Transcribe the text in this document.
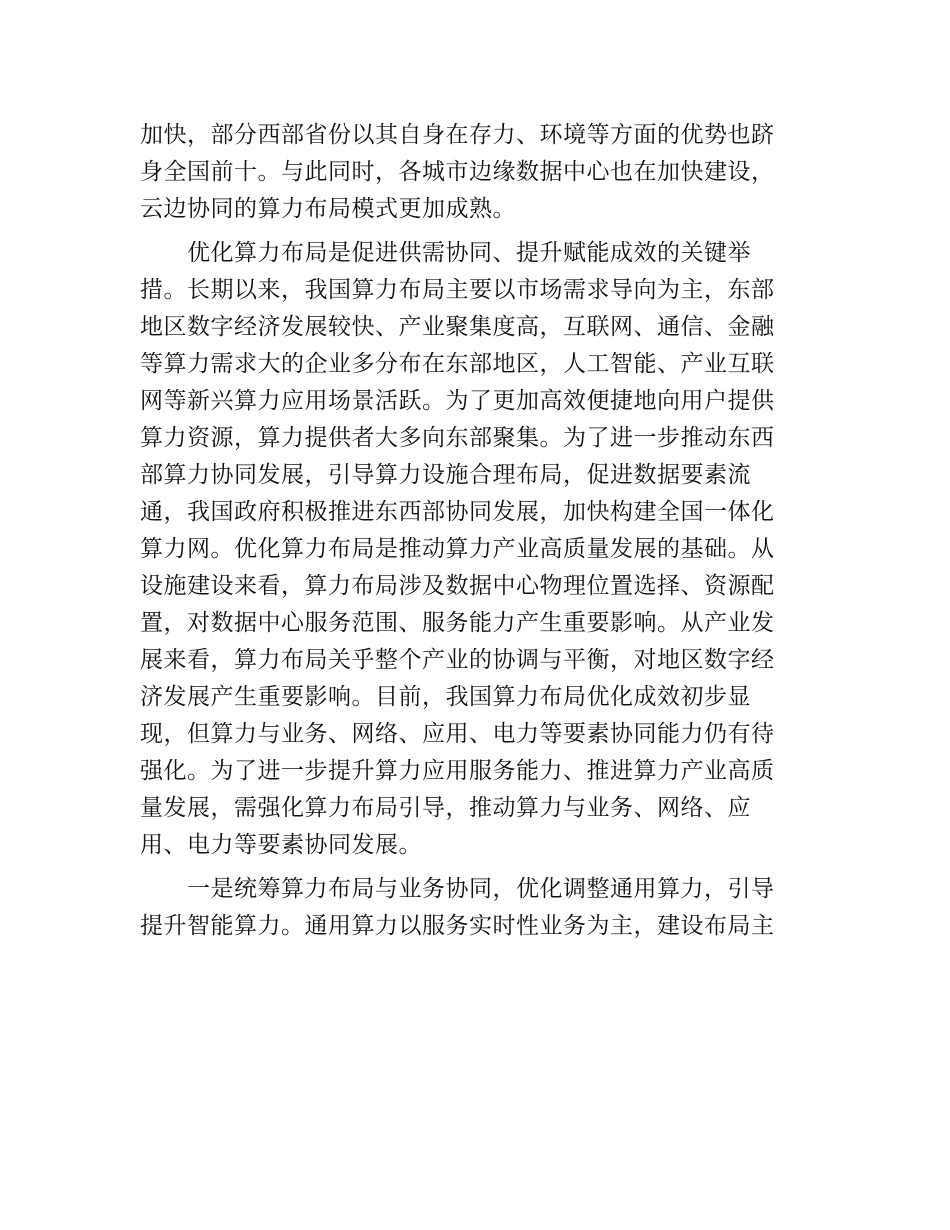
加快，部分西部省份以其自身在存力、环境等方面的优势也跻
身全国前十。与此同时，各城市边缘数据中心也在加快建设，
云边协同的算力布局模式更加成熟。
　　优化算力布局是促进供需协同、提升赋能成效的关键举
措。长期以来，我国算力布局主要以市场需求导向为主，东部
地区数字经济发展较快、产业聚集度高，互联网、通信、金融
等算力需求大的企业多分布在东部地区，人工智能、产业互联
网等新兴算力应用场景活跃。为了更加高效便捷地向用户提供
算力资源，算力提供者大多向东部聚集。为了进一步推动东西
部算力协同发展，引导算力设施合理布局，促进数据要素流
通，我国政府积极推进东西部协同发展，加快构建全国一体化
算力网。优化算力布局是推动算力产业高质量发展的基础。从
设施建设来看，算力布局涉及数据中心物理位置选择、资源配
置，对数据中心服务范围、服务能力产生重要影响。从产业发
展来看，算力布局关乎整个产业的协调与平衡，对地区数字经
济发展产生重要影响。目前，我国算力布局优化成效初步显
现，但算力与业务、网络、应用、电力等要素协同能力仍有待
强化。为了进一步提升算力应用服务能力、推进算力产业高质
量发展，需强化算力布局引导，推动算力与业务、网络、应
用、电力等要素协同发展。
　　一是统筹算力布局与业务协同，优化调整通用算力，引导
提升智能算力。通用算力以服务实时性业务为主，建设布局主
